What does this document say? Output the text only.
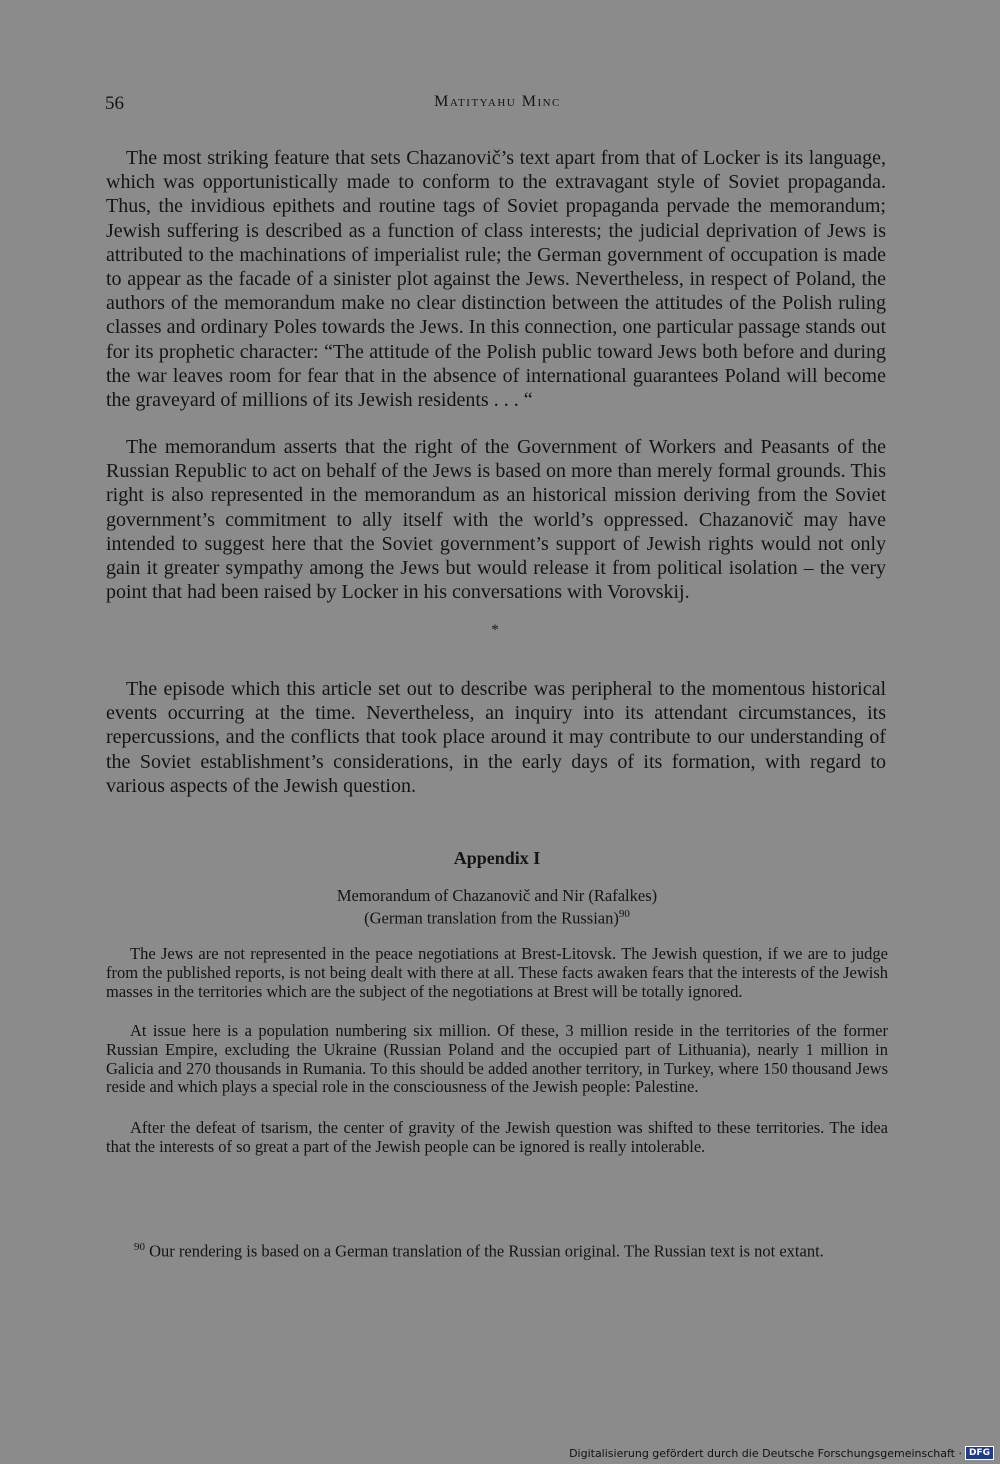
56	Matityahu Minc

The most striking feature that sets Chazanovič’s text apart from that of Locker is its language, which was opportunistically made to conform to the extravagant style of Soviet propaganda. Thus, the invidious epithets and routine tags of Soviet propaganda pervade the memorandum; Jewish suffering is described as a function of class interests; the judicial deprivation of Jews is attributed to the machinations of imperialist rule; the German government of occupation is made to appear as the facade of a sinister plot against the Jews. Nevertheless, in respect of Poland, the authors of the memorandum make no clear distinction between the attitudes of the Polish ruling classes and ordinary Poles towards the Jews. In this connection, one particular passage stands out for its prophetic character: “The attitude of the Polish public toward Jews both before and during the war leaves room for fear that in the absence of international guarantees Poland will become the graveyard of millions of its Jewish residents . . . “

The memorandum asserts that the right of the Government of Workers and Peasants of the Russian Republic to act on behalf of the Jews is based on more than merely formal grounds. This right is also represented in the memorandum as an historical mission deriving from the Soviet government’s commitment to ally itself with the world’s oppressed. Chazanovič may have intended to suggest here that the Soviet government’s support of Jewish rights would not only gain it greater sympathy among the Jews but would release it from political isolation – the very point that had been raised by Locker in his conversations with Vorovskij.

*

The episode which this article set out to describe was peripheral to the momentous historical events occurring at the time. Nevertheless, an inquiry into its attendant circumstances, its repercussions, and the conflicts that took place around it may contribute to our understanding of the Soviet establishment’s considerations, in the early days of its formation, with regard to various aspects of the Jewish question.

Appendix I
Memorandum of Chazanovič and Nir (Rafalkes)
(German translation from the Russian)$^{90}$

The Jews are not represented in the peace negotiations at Brest-Litovsk. The Jewish question, if we are to judge from the published reports, is not being dealt with there at all. These facts awaken fears that the interests of the Jewish masses in the territories which are the subject of the negotiations at Brest will be totally ignored.

At issue here is a population numbering six million. Of these, 3 million reside in the territories of the former Russian Empire, excluding the Ukraine (Russian Poland and the occupied part of Lithuania), nearly 1 million in Galicia and 270 thousands in Rumania. To this should be added another territory, in Turkey, where 150 thousand Jews reside and which plays a special role in the consciousness of the Jewish people: Palestine.

After the defeat of tsarism, the center of gravity of the Jewish question was shifted to these territories. The idea that the interests of so great a part of the Jewish people can be ignored is really intolerable.

$^{90}$ Our rendering is based on a German translation of the Russian original. The Russian text is not extant.

Digitalisierung gefördert durch die Deutsche Forschungsgemeinschaft · DFG
